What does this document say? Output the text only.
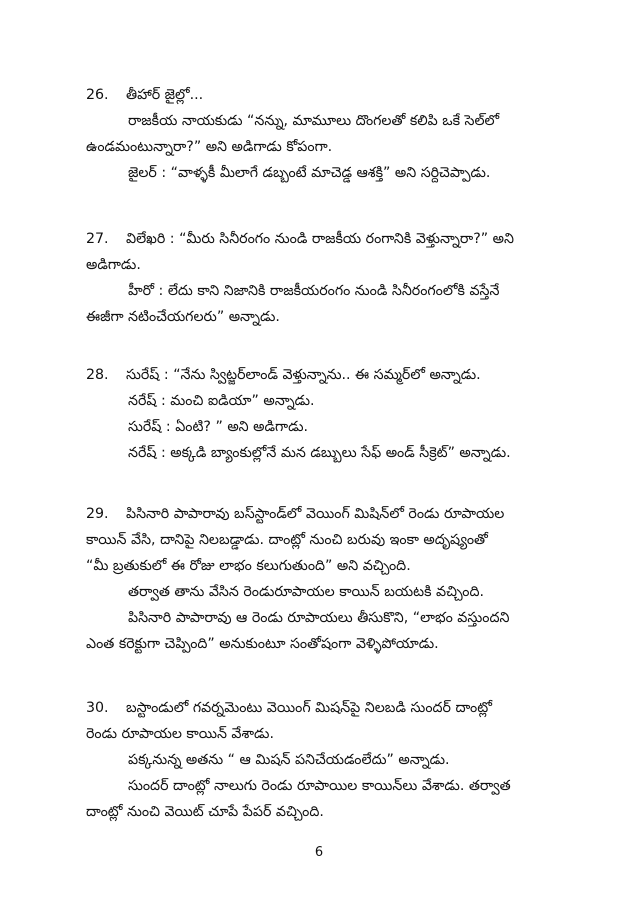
26. తీహార్ జైల్లో...
రాజకీయ నాయకుడు “నన్ను, మామూలు దొంగలతో కలిపి ఒకే సెల్‌లో
ఉండమంటున్నారా?” అని అడిగాడు కోపంగా.
జైలర్ : “వాళ్ళకీ మీలాగే డబ్బంటే మాచెడ్డ ఆశక్తి” అని సర్దిచెప్పాడు.
27. విలేఖరి : “మీరు సినీరంగం నుండి రాజకీయ రంగానికి వెళ్తున్నారా?” అని
అడిగాడు.
హీరో : లేదు కాని నిజానికి రాజకీయరంగం నుండి సినీరంగంలోకి వస్తేనే
ఈజీగా నటించేయగలరు” అన్నాడు.
28. సురేష్ : “నేను స్విట్జర్‌లాండ్ వెళ్తున్నాను.. ఈ సమ్మర్‌లో అన్నాడు.
నరేష్ : మంచి ఐడియా” అన్నాడు.
సురేష్ : ఏంటి? ” అని అడిగాడు.
నరేష్ : అక్కడి బ్యాంకుల్లోనే మన డబ్బులు సేఫ్ అండ్ సీక్రెట్” అన్నాడు.
29. పిసినారి పాపారావు బస్‌స్టాండ్‌లో వెయింగ్ మిషిన్‌లో రెండు రూపాయల
కాయిన్ వేసి, దానిపై నిలబడ్డాడు. దాంట్లో నుంచి బరువు ఇంకా అదృష్యంతో
“మీ బ్రతుకులో ఈ రోజు లాభం కలుగుతుంది” అని వచ్చింది.
తర్వాత తాను వేసిన రెండురూపాయల కాయిన్ బయటకి వచ్చింది.
పిసినారి పాపారావు ఆ రెండు రూపాయలు తీసుకొని, “లాభం వస్తుందని
ఎంత కరెక్టుగా చెప్పింది” అనుకుంటూ సంతోషంగా వెళ్ళిపోయాడు.
30. బస్టాండులో గవర్నమెంటు వెయింగ్ మిషన్‌పై నిలబడి సుందర్ దాంట్లో
రెండు రూపాయల కాయిన్ వేశాడు.
పక్కనున్న అతను “ ఆ మిషన్ పనిచేయడంలేదు” అన్నాడు.
సుందర్ దాంట్లో నాలుగు రెండు రూపాయిల కాయిన్‌లు వేశాడు. తర్వాత
దాంట్లో నుంచి వెయిట్ చూపే పేపర్ వచ్చింది.
6
